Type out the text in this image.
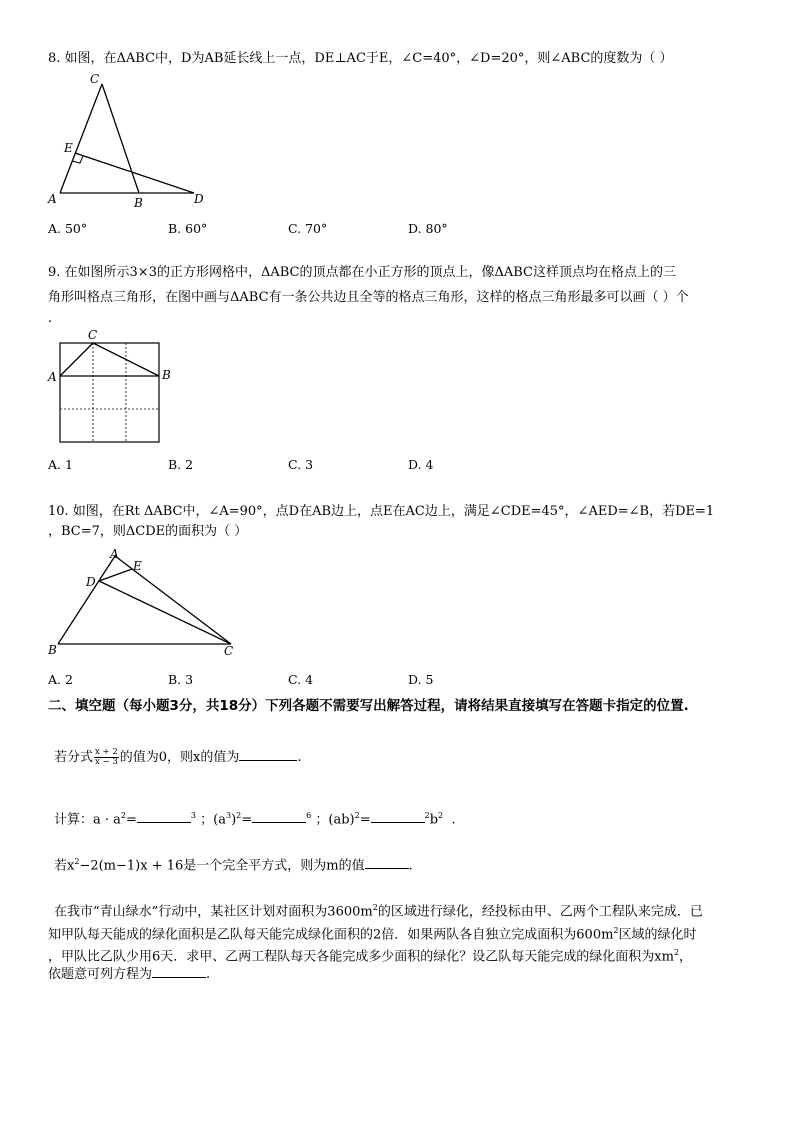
8. 如图，在ΔABC中，D为AB延长线上一点，DE⊥AC于E，∠C=40°，∠D=20°，则∠ABC的度数为（ ）
C
E
A	B	D
A. 50°	B. 60°	C. 70°	D. 80°
9. 在如图所示3×3的正方形网格中，ΔABC的顶点都在小正方形的顶点上，像ΔABC这样顶点均在格点上的三
角形叫格点三角形，在图中画与ΔABC有一条公共边且全等的格点三角形，这样的格点三角形最多可以画（ ）个
.
C
A	B
A. 1	B. 2	C. 3	D. 4
10. 如图，在Rt ΔABC中，∠A=90°，点D在AB边上，点E在AC边上，满足∠CDE=45°，∠AED=∠B，若DE=1
，BC=7，则ΔCDE的面积为（ ）
A
E
D
B	C
A. 2	B. 3	C. 4	D. 5
二、填空题（每小题3分，共18分）下列各题不需要写出解答过程，请将结果直接填写在答题卡指定的位置.
若分式 $\frac{x + 2}{x - 3}$ 的值为0，则x的值为	.
计算：$a \cdot a^2=$	$^3$ ；$(a^3)^2=$	$^6$ ；(ab)$^2$=	$^2b^2$ .
若$x^2-2(m-1)x + 16$是一个完全平方式，则为m的值	.
在我市“青山绿水”行动中，某社区计划对面积为$3600m^2$的区域进行绿化，经投标由甲、乙两个工程队来完成．已
知甲队每天能成的绿化面积是乙队每天能完成绿化面积的2倍．如果两队各自独立完成面积为$600m^2$区域的绿化时
，甲队比乙队少用6天．求甲、乙两工程队每天各能完成多少面积的绿化？设乙队每天能完成的绿化面积为$xm^2$，
依题意可列方程为	.
